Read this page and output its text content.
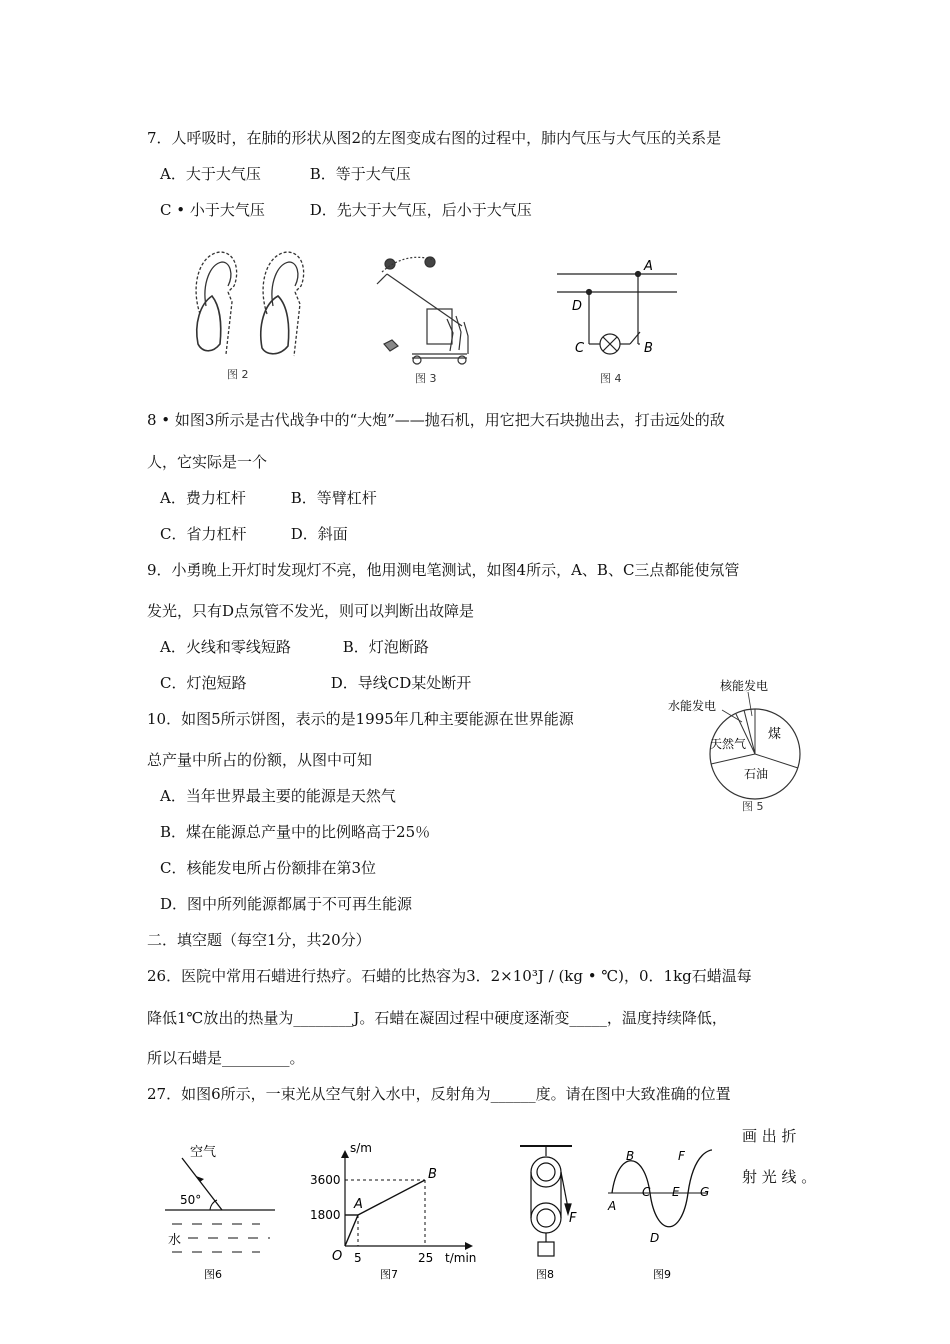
7．人呼吸时，在肺的形状从图2的左图变成右图的过程中，肺内气压与大气压的关系是
A．大于大气压	B．等于大气压
C • 小于大气压	D．先大于大气压，后小于大气压
图 2	图 3
A
D
C	B
图 4
8 • 如图3所示是古代战争中的“大炮”——抛石机，用它把大石块抛出去，打击远处的敌
人，它实际是一个
A．费力杠杆	B．等臂杠杆
C．省力杠杆	D．斜面
9．小勇晚上开灯时发现灯不亮，他用测电笔测试，如图4所示，A、B、C三点都能使氖管
发光，只有D点氖管不发光，则可以判断出故障是
A．火线和零线短路	B．灯泡断路
C．灯泡短路	D．导线CD某处断开
10．如图5所示饼图，表示的是1995年几种主要能源在世界能源
总产量中所占的份额，从图中可知
A．当年世界最主要的能源是天然气
B．煤在能源总产量中的比例略高于25％
C．核能发电所占份额排在第3位
D．图中所列能源都属于不可再生能源
核能发电
水能发电
煤
天然气
石油
图 5
二．填空题（每空1分，共20分）
26．医院中常用石蜡进行热疗。石蜡的比热容为3．2×10³J / (kg • ℃)，0．1kg石蜡温每
降低1℃放出的热量为________J。石蜡在凝固过程中硬度逐渐变_____，温度持续降低，
所以石蜡是_________。
27．如图6所示，一束光从空气射入水中，反射角为______度。请在图中大致准确的位置
画 出 折
射 光 线 。
空气
50°
水
图6
s/m
t/min
3600
1800
5	25
O
A
B
图7
F
图8
B	F
A
C E G
D
图9
